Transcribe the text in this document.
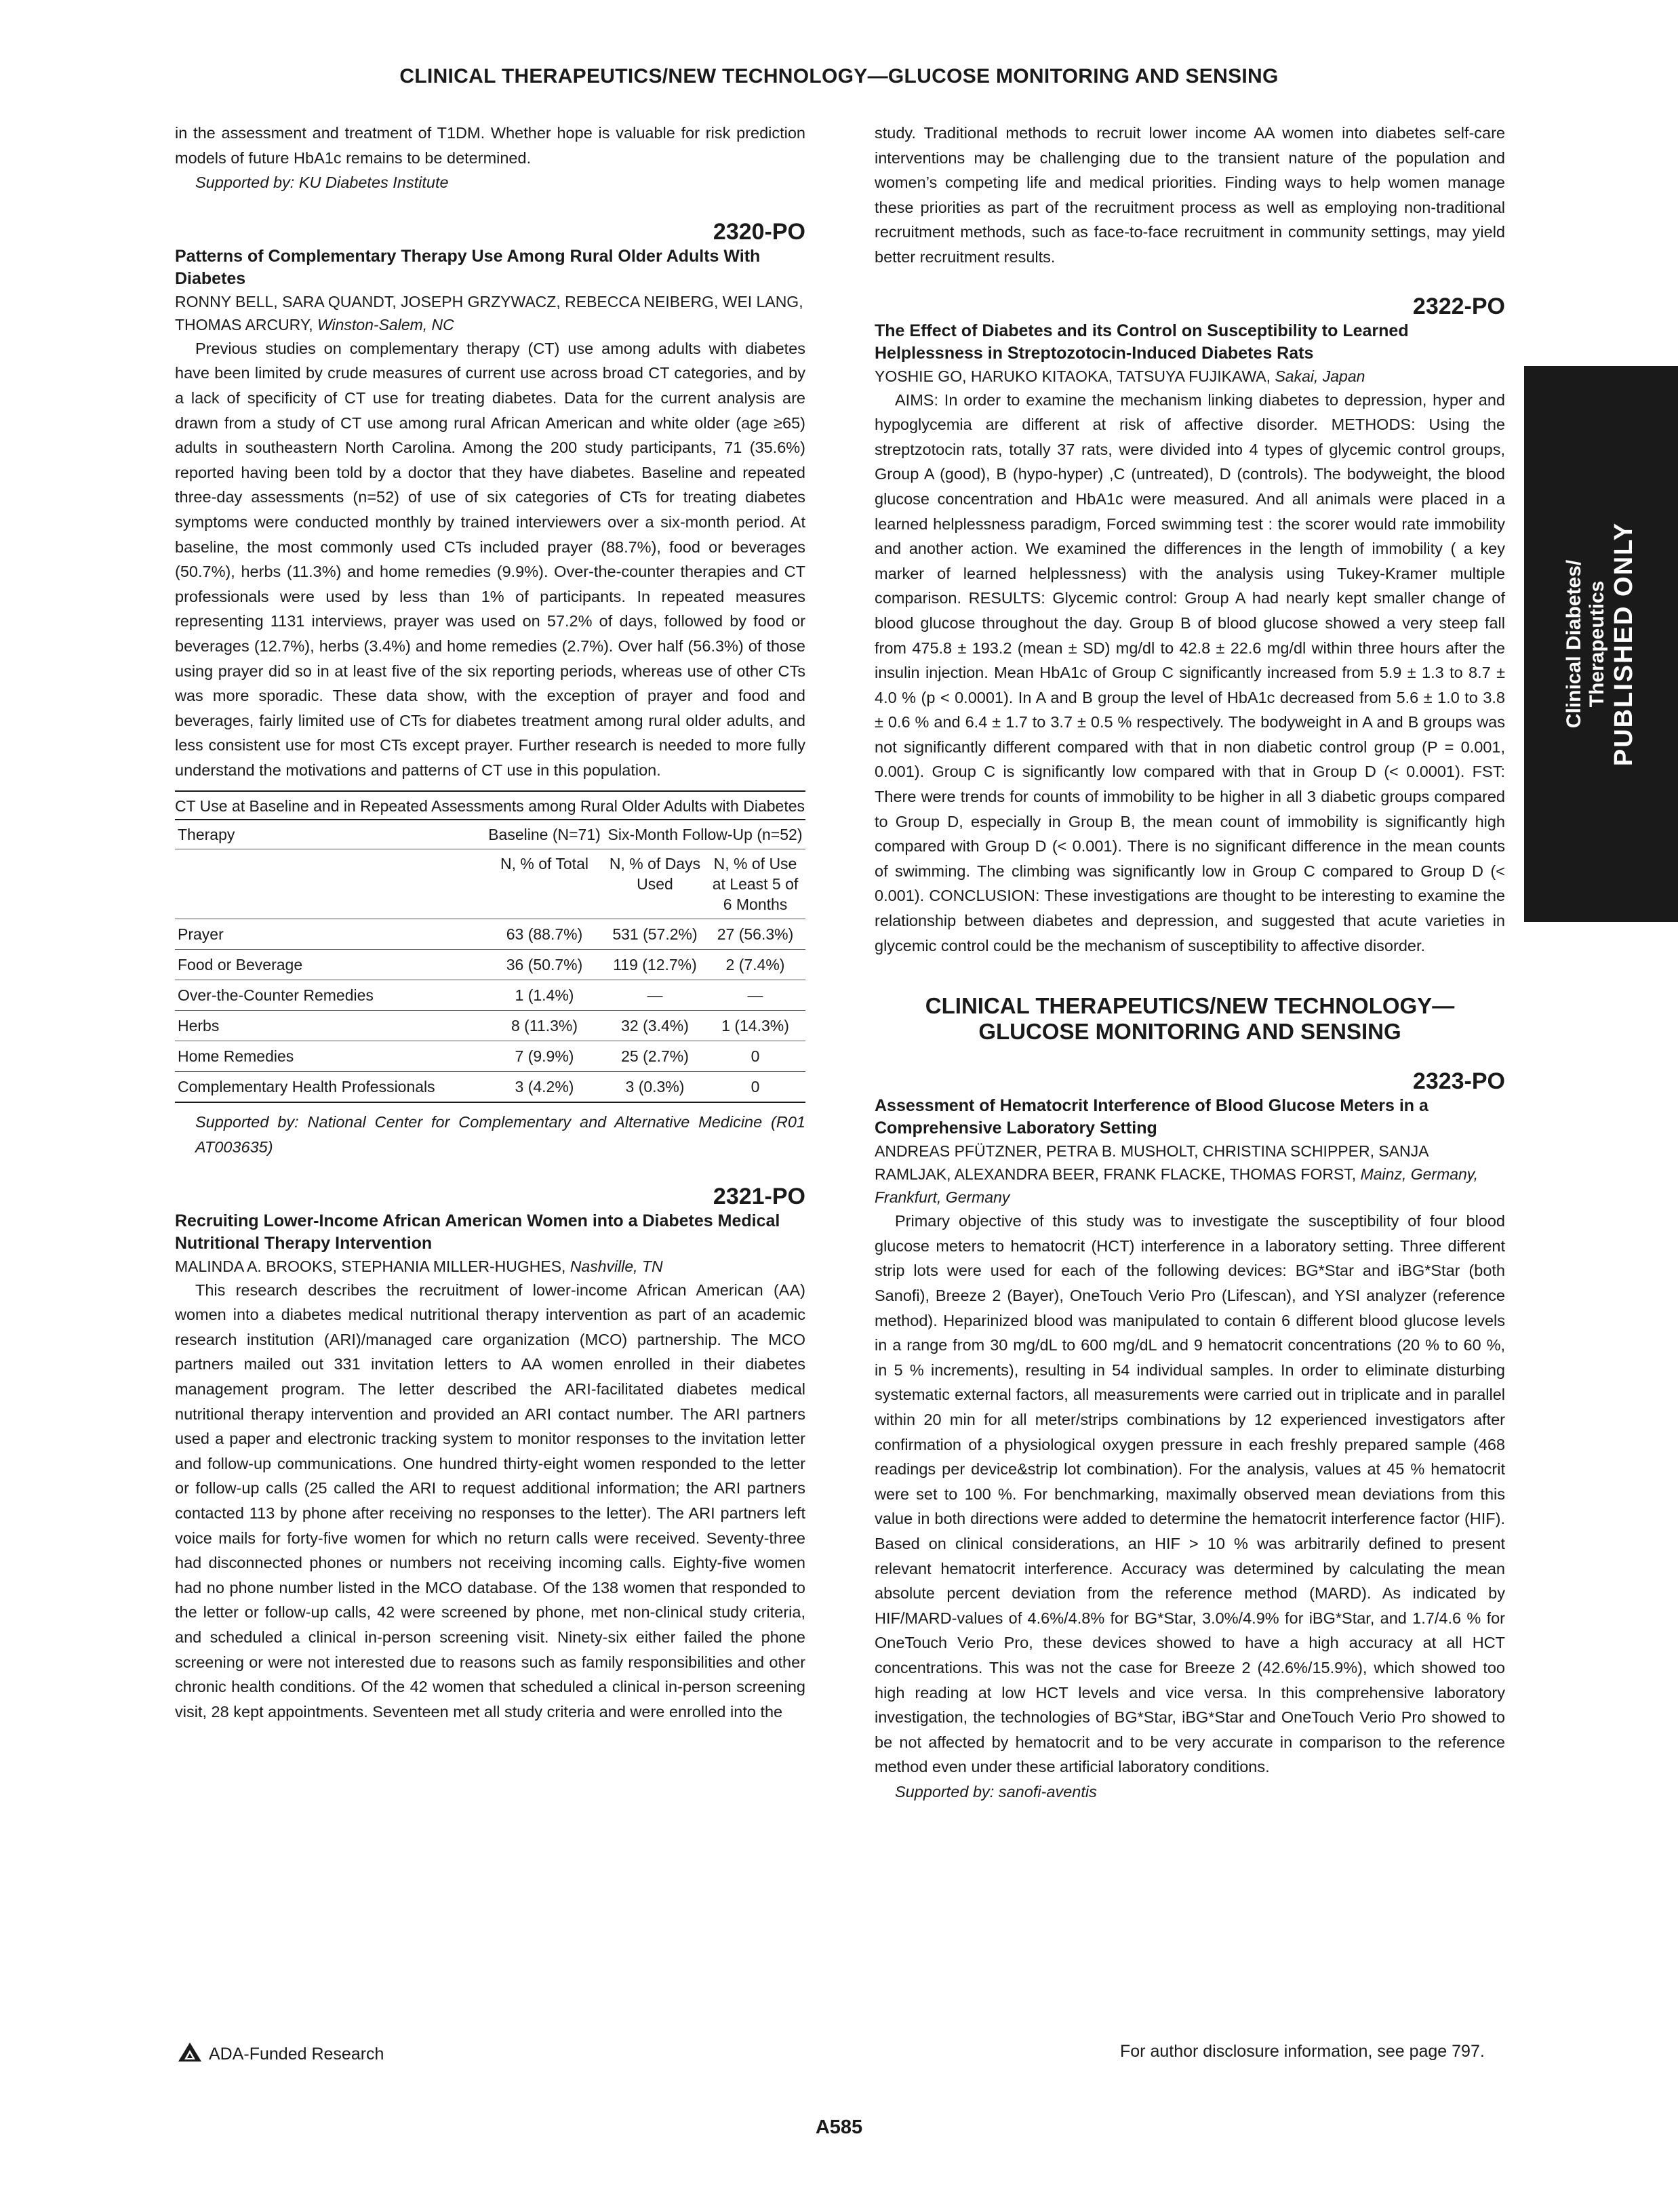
CLINICAL THERAPEUTICS/NEW TECHNOLOGY—GLUCOSE MONITORING AND SENSING

in the assessment and treatment of T1DM. Whether hope is valuable for risk prediction models of future HbA1c remains to be determined.

Supported by: KU Diabetes Institute

2320-PO
Patterns of Complementary Therapy Use Among Rural Older Adults With Diabetes
RONNY BELL, SARA QUANDT, JOSEPH GRZYWACZ, REBECCA NEIBERG, WEI LANG, THOMAS ARCURY, Winston-Salem, NC

Previous studies on complementary therapy (CT) use among adults with diabetes have been limited by crude measures of current use across broad CT categories, and by a lack of specificity of CT use for treating diabetes. Data for the current analysis are drawn from a study of CT use among rural African American and white older (age ≥65) adults in southeastern North Carolina. Among the 200 study participants, 71 (35.6%) reported having been told by a doctor that they have diabetes. Baseline and repeated three-day assessments (n=52) of use of six categories of CTs for treating diabetes symptoms were conducted monthly by trained interviewers over a six-month period. At baseline, the most commonly used CTs included prayer (88.7%), food or beverages (50.7%), herbs (11.3%) and home remedies (9.9%). Over-the-counter therapies and CT professionals were used by less than 1% of participants. In repeated measures representing 1131 interviews, prayer was used on 57.2% of days, followed by food or beverages (12.7%), herbs (3.4%) and home remedies (2.7%). Over half (56.3%) of those using prayer did so in at least five of the six reporting periods, whereas use of other CTs was more sporadic. These data show, with the exception of prayer and food and beverages, fairly limited use of CTs for diabetes treatment among rural older adults, and less consistent use for most CTs except prayer. Further research is needed to more fully understand the motivations and patterns of CT use in this population.

CT Use at Baseline and in Repeated Assessments among Rural Older Adults with Diabetes
Therapy	Baseline (N=71)	Six-Month Follow-Up (n=52)	
	N, % of Total	N, % of Days Used	N, % of Use at Least 5 of 6 Months
Prayer	63 (88.7%)	531 (57.2%)	27 (56.3%)
Food or Beverage	36 (50.7%)	119 (12.7%)	2 (7.4%)
Over-the-Counter Remedies	1 (1.4%)	—	—
Herbs	8 (11.3%)	32 (3.4%)	1 (14.3%)
Home Remedies	7 (9.9%)	25 (2.7%)	0
Complementary Health Professionals	3 (4.2%)	3 (0.3%)	0

Supported by: National Center for Complementary and Alternative Medicine (R01 AT003635)

2321-PO
Recruiting Lower-Income African American Women into a Diabetes Medical Nutritional Therapy Intervention
MALINDA A. BROOKS, STEPHANIA MILLER-HUGHES, Nashville, TN

This research describes the recruitment of lower-income African American (AA) women into a diabetes medical nutritional therapy intervention as part of an academic research institution (ARI)/managed care organization (MCO) partnership. The MCO partners mailed out 331 invitation letters to AA women enrolled in their diabetes management program. The letter described the ARI-facilitated diabetes medical nutritional therapy intervention and provided an ARI contact number. The ARI partners used a paper and electronic tracking system to monitor responses to the invitation letter and follow-up communications. One hundred thirty-eight women responded to the letter or follow-up calls (25 called the ARI to request additional information; the ARI partners contacted 113 by phone after receiving no responses to the letter). The ARI partners left voice mails for forty-five women for which no return calls were received. Seventy-three had disconnected phones or numbers not receiving incoming calls. Eighty-five women had no phone number listed in the MCO database. Of the 138 women that responded to the letter or follow-up calls, 42 were screened by phone, met non-clinical study criteria, and scheduled a clinical in-person screening visit. Ninety-six either failed the phone screening or were not interested due to reasons such as family responsibilities and other chronic health conditions. Of the 42 women that scheduled a clinical in-person screening visit, 28 kept appointments. Seventeen met all study criteria and were enrolled into the

study. Traditional methods to recruit lower income AA women into diabetes self-care interventions may be challenging due to the transient nature of the population and women’s competing life and medical priorities. Finding ways to help women manage these priorities as part of the recruitment process as well as employing non-traditional recruitment methods, such as face-to-face recruitment in community settings, may yield better recruitment results.

2322-PO
The Effect of Diabetes and its Control on Susceptibility to Learned Helplessness in Streptozotocin-Induced Diabetes Rats
YOSHIE GO, HARUKO KITAOKA, TATSUYA FUJIKAWA, Sakai, Japan

AIMS: In order to examine the mechanism linking diabetes to depression, hyper and hypoglycemia are different at risk of affective disorder. METHODS: Using the streptzotocin rats, totally 37 rats, were divided into 4 types of glycemic control groups, Group A (good), B (hypo-hyper) ,C (untreated), D (controls). The bodyweight, the blood glucose concentration and HbA1c were measured. And all animals were placed in a learned helplessness paradigm, Forced swimming test : the scorer would rate immobility and another action. We examined the differences in the length of immobility ( a key marker of learned helplessness) with the analysis using Tukey-Kramer multiple comparison. RESULTS: Glycemic control: Group A had nearly kept smaller change of blood glucose throughout the day. Group B of blood glucose showed a very steep fall from 475.8 ± 193.2 (mean ± SD) mg/dl to 42.8 ± 22.6 mg/dl within three hours after the insulin injection. Mean HbA1c of Group C significantly increased from 5.9 ± 1.3 to 8.7 ± 4.0 % (p < 0.0001). In A and B group the level of HbA1c decreased from 5.6 ± 1.0 to 3.8 ± 0.6 % and 6.4 ± 1.7 to 3.7 ± 0.5 % respectively. The bodyweight in A and B groups was not significantly different compared with that in non diabetic control group (P = 0.001, 0.001). Group C is significantly low compared with that in Group D (< 0.0001). FST: There were trends for counts of immobility to be higher in all 3 diabetic groups compared to Group D, especially in Group B, the mean count of immobility is significantly high compared with Group D (< 0.001). There is no significant difference in the mean counts of swimming. The climbing was significantly low in Group C compared to Group D (< 0.001). CONCLUSION: These investigations are thought to be interesting to examine the relationship between diabetes and depression, and suggested that acute varieties in glycemic control could be the mechanism of susceptibility to affective disorder.

CLINICAL THERAPEUTICS/NEW TECHNOLOGY—
GLUCOSE MONITORING AND SENSING
2323-PO
Assessment of Hematocrit Interference of Blood Glucose Meters in a Comprehensive Laboratory Setting
ANDREAS PFÜTZNER, PETRA B. MUSHOLT, CHRISTINA SCHIPPER, SANJA RAMLJAK, ALEXANDRA BEER, FRANK FLACKE, THOMAS FORST, Mainz, Germany, Frankfurt, Germany

Primary objective of this study was to investigate the susceptibility of four blood glucose meters to hematocrit (HCT) interference in a laboratory setting. Three different strip lots were used for each of the following devices: BG*Star and iBG*Star (both Sanofi), Breeze 2 (Bayer), OneTouch Verio Pro (Lifescan), and YSI analyzer (reference method). Heparinized blood was manipulated to contain 6 different blood glucose levels in a range from 30 mg/dL to 600 mg/dL and 9 hematocrit concentrations (20 % to 60 %, in 5 % increments), resulting in 54 individual samples. In order to eliminate disturbing systematic external factors, all measurements were carried out in triplicate and in parallel within 20 min for all meter/strips combinations by 12 experienced investigators after confirmation of a physiological oxygen pressure in each freshly prepared sample (468 readings per device&strip lot combination). For the analysis, values at 45 % hematocrit were set to 100 %. For benchmarking, maximally observed mean deviations from this value in both directions were added to determine the hematocrit interference factor (HIF). Based on clinical considerations, an HIF > 10 % was arbitrarily defined to present relevant hematocrit interference. Accuracy was determined by calculating the mean absolute percent deviation from the reference method (MARD). As indicated by HIF/MARD-values of 4.6%/4.8% for BG*Star, 3.0%/4.9% for iBG*Star, and 1.7/4.6 % for OneTouch Verio Pro, these devices showed to have a high accuracy at all HCT concentrations. This was not the case for Breeze 2 (42.6%/15.9%), which showed too high reading at low HCT levels and vice versa. In this comprehensive laboratory investigation, the technologies of BG*Star, iBG*Star and OneTouch Verio Pro showed to be not affected by hematocrit and to be very accurate in comparison to the reference method even under these artificial laboratory conditions.

Supported by: sanofi-aventis

Clinical Diabetes/ Therapeutics PUBLISHED ONLY
ADA-Funded Research	For author disclosure information, see page 797.
A585
